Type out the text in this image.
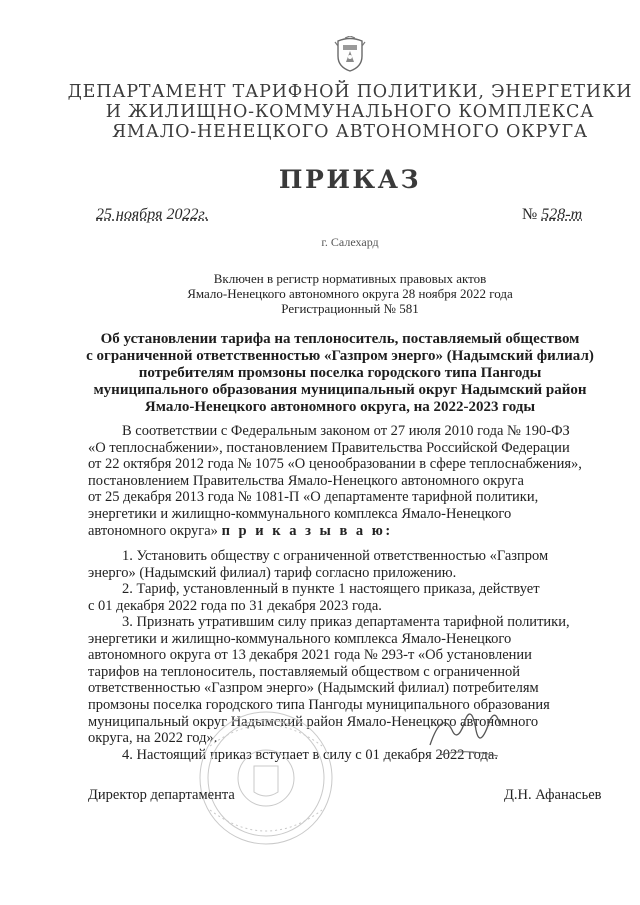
ДЕПАРТАМЕНТ ТАРИФНОЙ ПОЛИТИКИ, ЭНЕРГЕТИКИ
И ЖИЛИЩНО-КОММУНАЛЬНОГО КОМПЛЕКСА
ЯМАЛО-НЕНЕЦКОГО АВТОНОМНОГО ОКРУГА
ПРИКАЗ
25 ноября 2022г.	№ 528-т
г. Салехард
Включен в регистр нормативных правовых актов
Ямало-Ненецкого автономного округа 28 ноября 2022 года
Регистрационный № 581
Об установлении тарифа на теплоноситель, поставляемый обществом
с ограниченной ответственностью «Газпром энерго» (Надымский филиал)
потребителям промзоны поселка городского типа Пангоды
муниципального образования муниципальный округ Надымский район
Ямало-Ненецкого автономного округа, на 2022-2023 годы
В соответствии с Федеральным законом от 27 июля 2010 года № 190-ФЗ
«О теплоснабжении», постановлением Правительства Российской Федерации
от 22 октября 2012 года № 1075 «О ценообразовании в сфере теплоснабжения»,
постановлением Правительства Ямало-Ненецкого автономного округа
от 25 декабря 2013 года № 1081-П «О департаменте тарифной политики,
энергетики и жилищно-коммунального комплекса Ямало-Ненецкого
автономного округа» п р и к а з ы в а ю:
1. Установить обществу с ограниченной ответственностью «Газпром
энерго» (Надымский филиал) тариф согласно приложению.
2. Тариф, установленный в пункте 1 настоящего приказа, действует
с 01 декабря 2022 года по 31 декабря 2023 года.
3. Признать утратившим силу приказ департамента тарифной политики,
энергетики и жилищно-коммунального комплекса Ямало-Ненецкого
автономного округа от 13 декабря 2021 года № 293-т «Об установлении
тарифов на теплоноситель, поставляемый обществом с ограниченной
ответственностью «Газпром энерго» (Надымский филиал) потребителям
промзоны поселка городского типа Пангоды муниципального образования
муниципальный округ Надымский район Ямало-Ненецкого автономного
округа, на 2022 год».
4. Настоящий приказ вступает в силу с 01 декабря 2022 года.
Директор департамента	Д.Н. Афанасьев
